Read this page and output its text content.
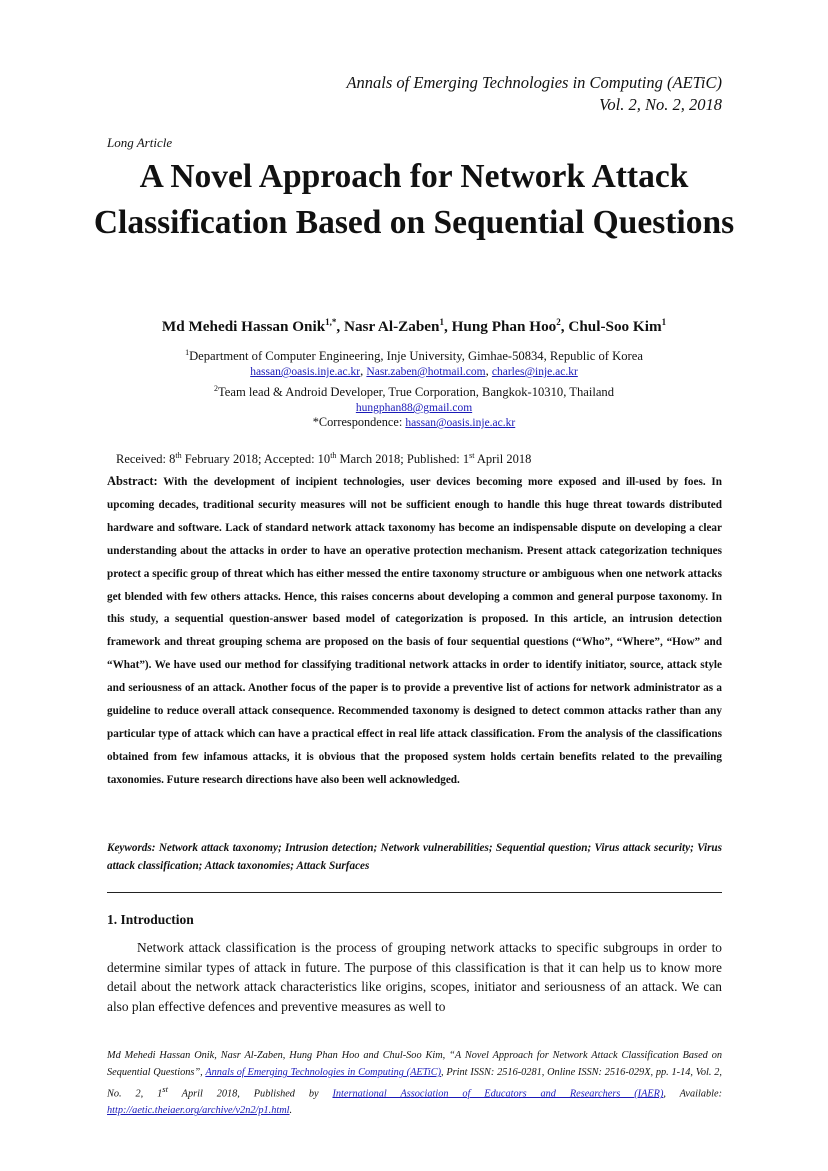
Annals of Emerging Technologies in Computing (AETiC)
Vol. 2, No. 2, 2018
Long Article
A Novel Approach for Network Attack Classification Based on Sequential Questions
Md Mehedi Hassan Onik$^{1,*}$, Nasr Al-Zaben$^1$, Hung Phan Hoo$^2$, Chul-Soo Kim$^1$
$^1$Department of Computer Engineering, Inje University, Gimhae-50834, Republic of Korea
hassan@oasis.inje.ac.kr, Nasr.zaben@hotmail.com, charles@inje.ac.kr
$^2$Team lead & Android Developer, True Corporation, Bangkok-10310, Thailand
hungphan88@gmail.com
*Correspondence: hassan@oasis.inje.ac.kr
Received: 8th February 2018; Accepted: 10th March 2018; Published: 1st April 2018
Abstract: With the development of incipient technologies, user devices becoming more exposed and ill-used by foes. In upcoming decades, traditional security measures will not be sufficient enough to handle this huge threat towards distributed hardware and software. Lack of standard network attack taxonomy has become an indispensable dispute on developing a clear understanding about the attacks in order to have an operative protection mechanism. Present attack categorization techniques protect a specific group of threat which has either messed the entire taxonomy structure or ambiguous when one network attacks get blended with few others attacks. Hence, this raises concerns about developing a common and general purpose taxonomy. In this study, a sequential question-answer based model of categorization is proposed. In this article, an intrusion detection framework and threat grouping schema are proposed on the basis of four sequential questions (“Who”, “Where”, “How” and “What”). We have used our method for classifying traditional network attacks in order to identify initiator, source, attack style and seriousness of an attack. Another focus of the paper is to provide a preventive list of actions for network administrator as a guideline to reduce overall attack consequence. Recommended taxonomy is designed to detect common attacks rather than any particular type of attack which can have a practical effect in real life attack classification. From the analysis of the classifications obtained from few infamous attacks, it is obvious that the proposed system holds certain benefits related to the prevailing taxonomies. Future research directions have also been well acknowledged.
Keywords: Network attack taxonomy; Intrusion detection; Network vulnerabilities; Sequential question; Virus attack security; Virus attack classification; Attack taxonomies; Attack Surfaces
1. Introduction
Network attack classification is the process of grouping network attacks to specific subgroups in order to determine similar types of attack in future. The purpose of this classification is that it can help us to know more detail about the network attack characteristics like origins, scopes, initiator and seriousness of an attack. We can also plan effective defences and preventive measures as well to
Md Mehedi Hassan Onik, Nasr Al-Zaben, Hung Phan Hoo and Chul-Soo Kim, “A Novel Approach for Network Attack Classification Based on Sequential Questions”, Annals of Emerging Technologies in Computing (AETiC), Print ISSN: 2516-0281, Online ISSN: 2516-029X, pp. 1-14, Vol. 2, No. 2, 1st April 2018, Published by International Association of Educators and Researchers (IAER), Available: http://aetic.theiaer.org/archive/v2n2/p1.html.
